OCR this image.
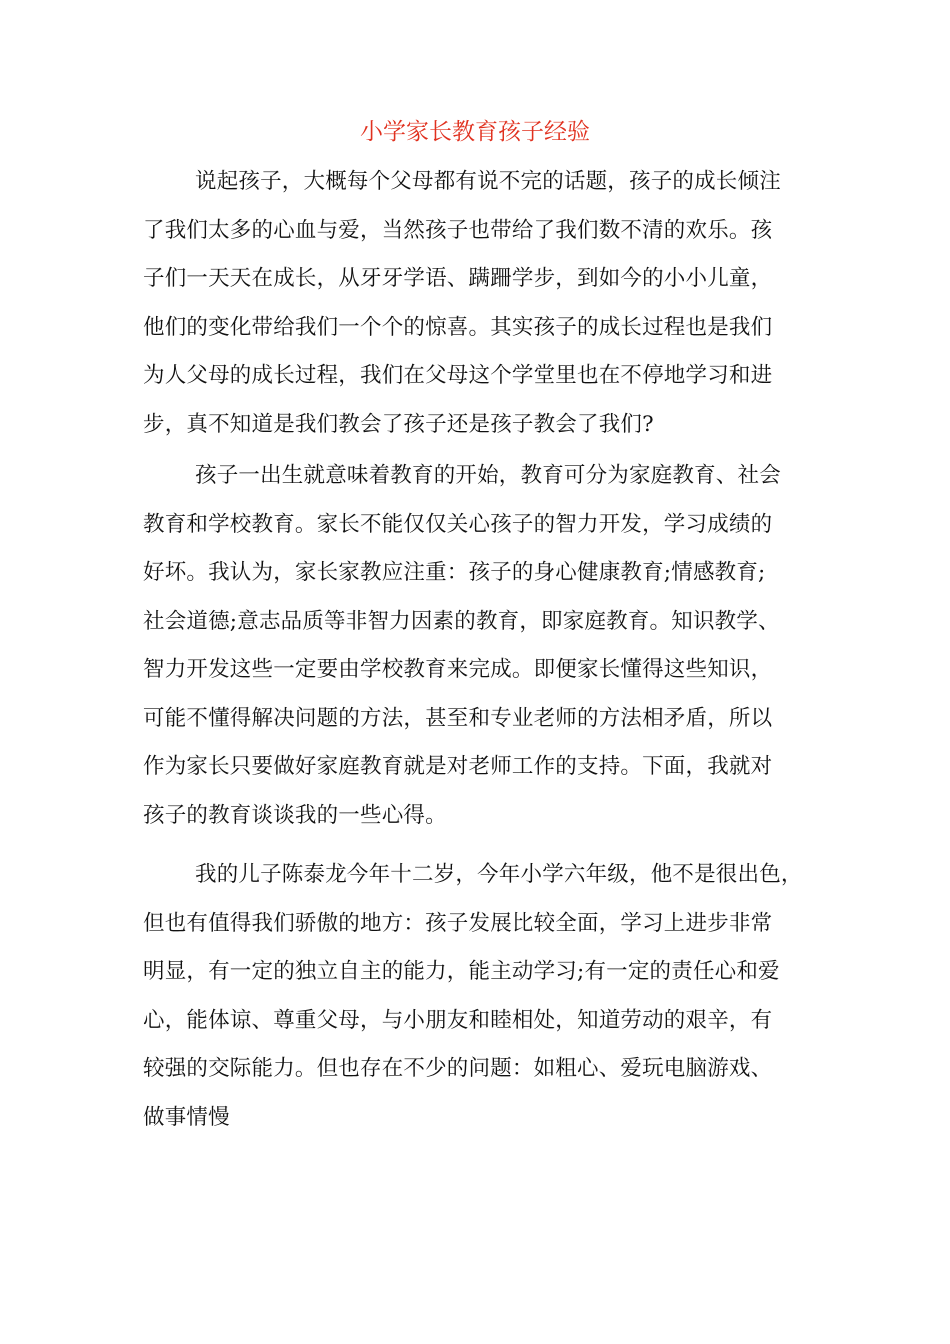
小学家长教育孩子经验
说起孩子，大概每个父母都有说不完的话题，孩子的成长倾注
了我们太多的心血与爱，当然孩子也带给了我们数不清的欢乐。孩
子们一天天在成长，从牙牙学语、蹒跚学步，到如今的小小儿童，
他们的变化带给我们一个个的惊喜。其实孩子的成长过程也是我们
为人父母的成长过程，我们在父母这个学堂里也在不停地学习和进
步，真不知道是我们教会了孩子还是孩子教会了我们?
孩子一出生就意味着教育的开始，教育可分为家庭教育、社会
教育和学校教育。家长不能仅仅关心孩子的智力开发，学习成绩的
好坏。我认为，家长家教应注重：孩子的身心健康教育;情感教育;
社会道德;意志品质等非智力因素的教育，即家庭教育。知识教学、
智力开发这些一定要由学校教育来完成。即便家长懂得这些知识，
可能不懂得解决问题的方法，甚至和专业老师的方法相矛盾，所以
作为家长只要做好家庭教育就是对老师工作的支持。下面，我就对
孩子的教育谈谈我的一些心得。
我的儿子陈泰龙今年十二岁，今年小学六年级，他不是很出色，
但也有值得我们骄傲的地方：孩子发展比较全面，学习上进步非常
明显，有一定的独立自主的能力，能主动学习;有一定的责任心和爱
心，能体谅、尊重父母，与小朋友和睦相处，知道劳动的艰辛，有
较强的交际能力。但也存在不少的问题：如粗心、爱玩电脑游戏、
做事情慢
